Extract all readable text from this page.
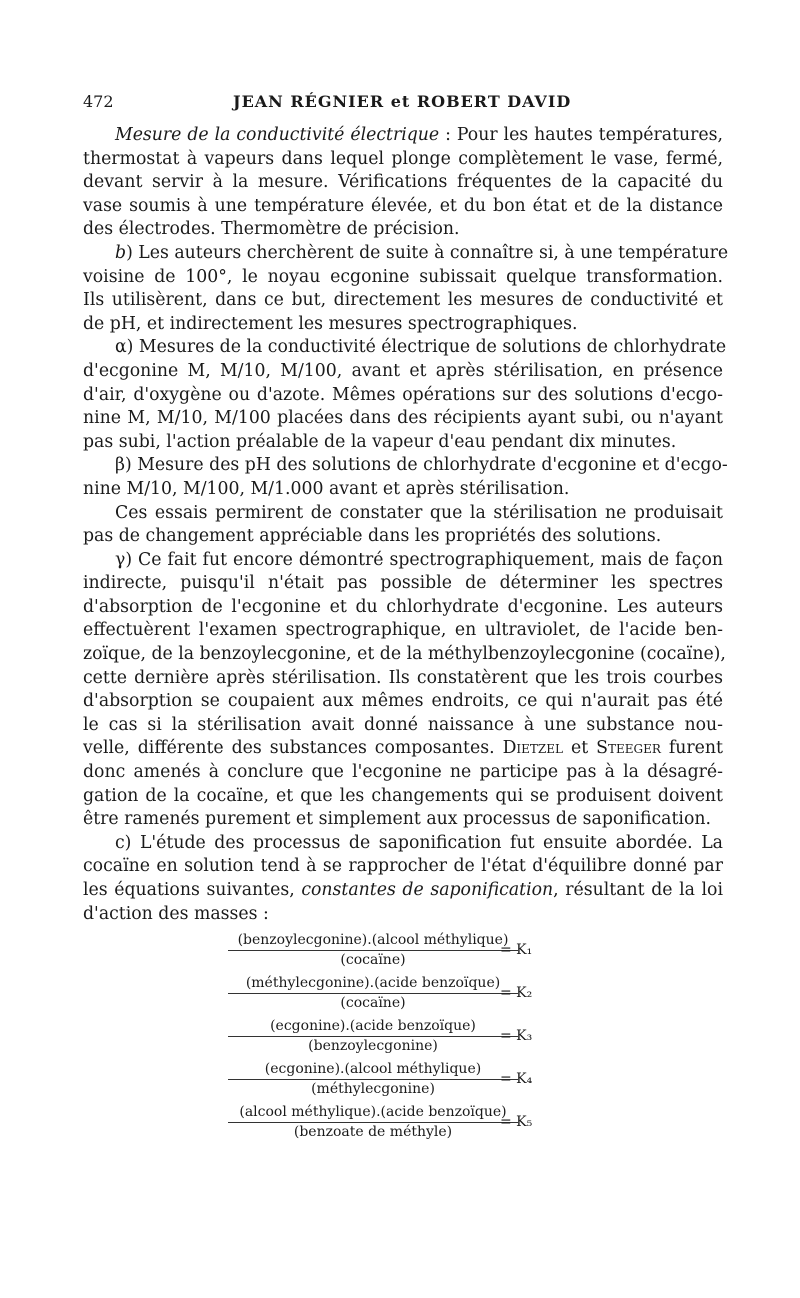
472	JEAN RÉGNIER et ROBERT DAVID
Mesure de la conductivité électrique : Pour les hautes températures,
thermostat à vapeurs dans lequel plonge complètement le vase, fermé,
devant servir à la mesure. Vérifications fréquentes de la capacité du
vase soumis à une température élevée, et du bon état et de la distance
des électrodes. Thermomètre de précision.
b) Les auteurs cherchèrent de suite à connaître si, à une température
voisine de 100°, le noyau ecgonine subissait quelque transformation.
Ils utilisèrent, dans ce but, directement les mesures de conductivité et
de pH, et indirectement les mesures spectrographiques.
α) Mesures de la conductivité électrique de solutions de chlorhydrate
d'ecgonine M, M/10, M/100, avant et après stérilisation, en présence
d'air, d'oxygène ou d'azote. Mêmes opérations sur des solutions d'ecgo-
nine M, M/10, M/100 placées dans des récipients ayant subi, ou n'ayant
pas subi, l'action préalable de la vapeur d'eau pendant dix minutes.
β) Mesure des pH des solutions de chlorhydrate d'ecgonine et d'ecgo-
nine M/10, M/100, M/1.000 avant et après stérilisation.
Ces essais permirent de constater que la stérilisation ne produisait
pas de changement appréciable dans les propriétés des solutions.
γ) Ce fait fut encore démontré spectrographiquement, mais de façon
indirecte, puisqu'il n'était pas possible de déterminer les spectres
d'absorption de l'ecgonine et du chlorhydrate d'ecgonine. Les auteurs
effectuèrent l'examen spectrographique, en ultraviolet, de l'acide ben-
zoïque, de la benzoylecgonine, et de la méthylbenzoylecgonine (cocaïne),
cette dernière après stérilisation. Ils constatèrent que les trois courbes
d'absorption se coupaient aux mêmes endroits, ce qui n'aurait pas été
le cas si la stérilisation avait donné naissance à une substance nou-
velle, différente des substances composantes. Dietzel et Steeger furent
donc amenés à conclure que l'ecgonine ne participe pas à la désagré-
gation de la cocaïne, et que les changements qui se produisent doivent
être ramenés purement et simplement aux processus de saponification.
c) L'étude des processus de saponification fut ensuite abordée. La
cocaïne en solution tend à se rapprocher de l'état d'équilibre donné par
les équations suivantes, constantes de saponification, résultant de la loi
d'action des masses :
(benzoylecgonine).(alcool méthylique)
(cocaïne)
= K₁
(méthylecgonine).(acide benzoïque)
(cocaïne)
= K₂
(ecgonine).(acide benzoïque)
(benzoylecgonine)
= K₃
(ecgonine).(alcool méthylique)
(méthylecgonine)
= K₄
(alcool méthylique).(acide benzoïque)
(benzoate de méthyle)
= K₅
